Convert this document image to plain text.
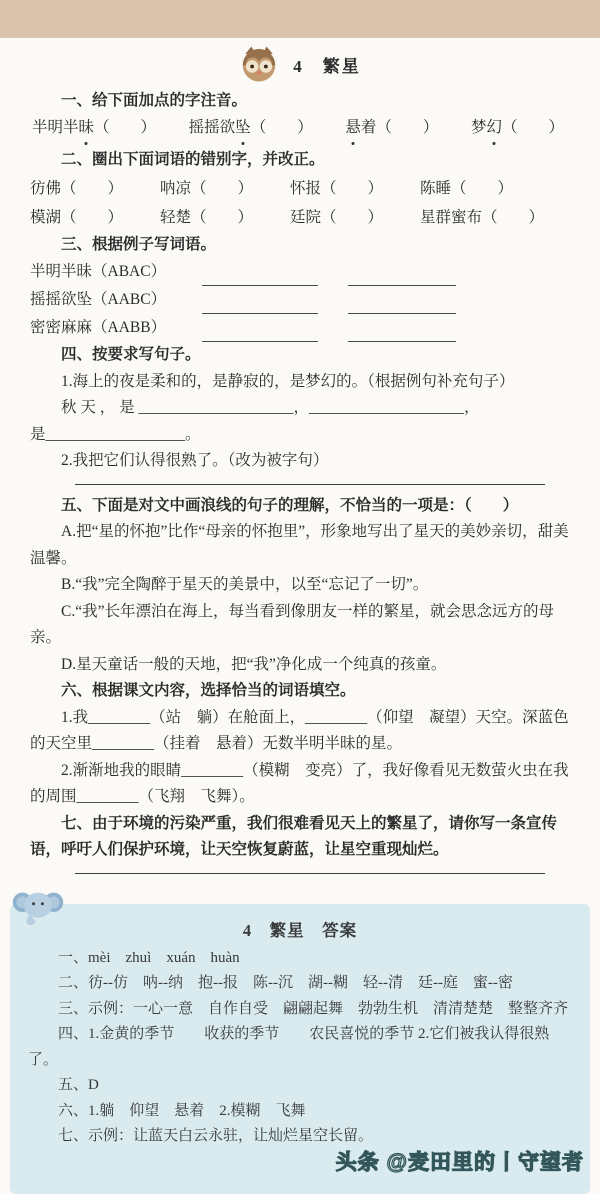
4　繁星

一、给下面加点的字注音。

半明半昧（　　） 摇摇欲坠（　　） 悬着（　　） 梦幻（　　）

二、圈出下面词语的错别字，并改正。

彷佛（　　）	呐凉（　　）	怀报（　　）	陈睡（　　）
模湖（　　）	轻楚（　　）	廷院（　　）	星群蜜布（　　）

三、根据例子写词语。

半明半昧（ABAC）
摇摇欲坠（AABC）
密密麻麻（AABB）

四、按要求写句子。

1.海上的夜是柔和的，是静寂的，是梦幻的。（根据例句补充句子）

秋 天 ， 是 ____________________，____________________，

是__________________。

2.我把它们认得很熟了。（改为被字句）

五、下面是对文中画浪线的句子的理解，不恰当的一项是：（　　）

A.把“星的怀抱”比作“母亲的怀抱里”，形象地写出了星天的美妙亲切，甜美温馨。

B.“我”完全陶醉于星天的美景中，以至“忘记了一切”。

C.“我”长年漂泊在海上，每当看到像朋友一样的繁星，就会思念远方的母亲。

D.星天童话一般的天地，把“我”净化成一个纯真的孩童。

六、根据课文内容，选择恰当的词语填空。

1.我________（站　躺）在舱面上，________（仰望　凝望）天空。深蓝色的天空里________（挂着　悬着）无数半明半昧的星。

2.渐渐地我的眼睛________（模糊　变亮）了，我好像看见无数萤火虫在我的周围________（飞翔　飞舞）。

七、由于环境的污染严重，我们很难看见天上的繁星了，请你写一条宣传语，呼吁人们保护环境，让天空恢复蔚蓝，让星空重现灿烂。

4　繁星　答案

一、mèi　zhuì　xuán　huàn

二、彷--仿　呐--纳　抱--报　陈--沉　湖--糊　轻--清　廷--庭　蜜--密

三、示例：一心一意　自作自受　翩翩起舞　勃勃生机　清清楚楚　整整齐齐

四、1.金黄的季节　　收获的季节　　农民喜悦的季节 2.它们被我认得很熟了。

五、D

六、1.躺　仰望　悬着　2.模糊　飞舞

七、示例：让蓝天白云永驻，让灿烂星空长留。

头条 @麦田里的丨守望者
